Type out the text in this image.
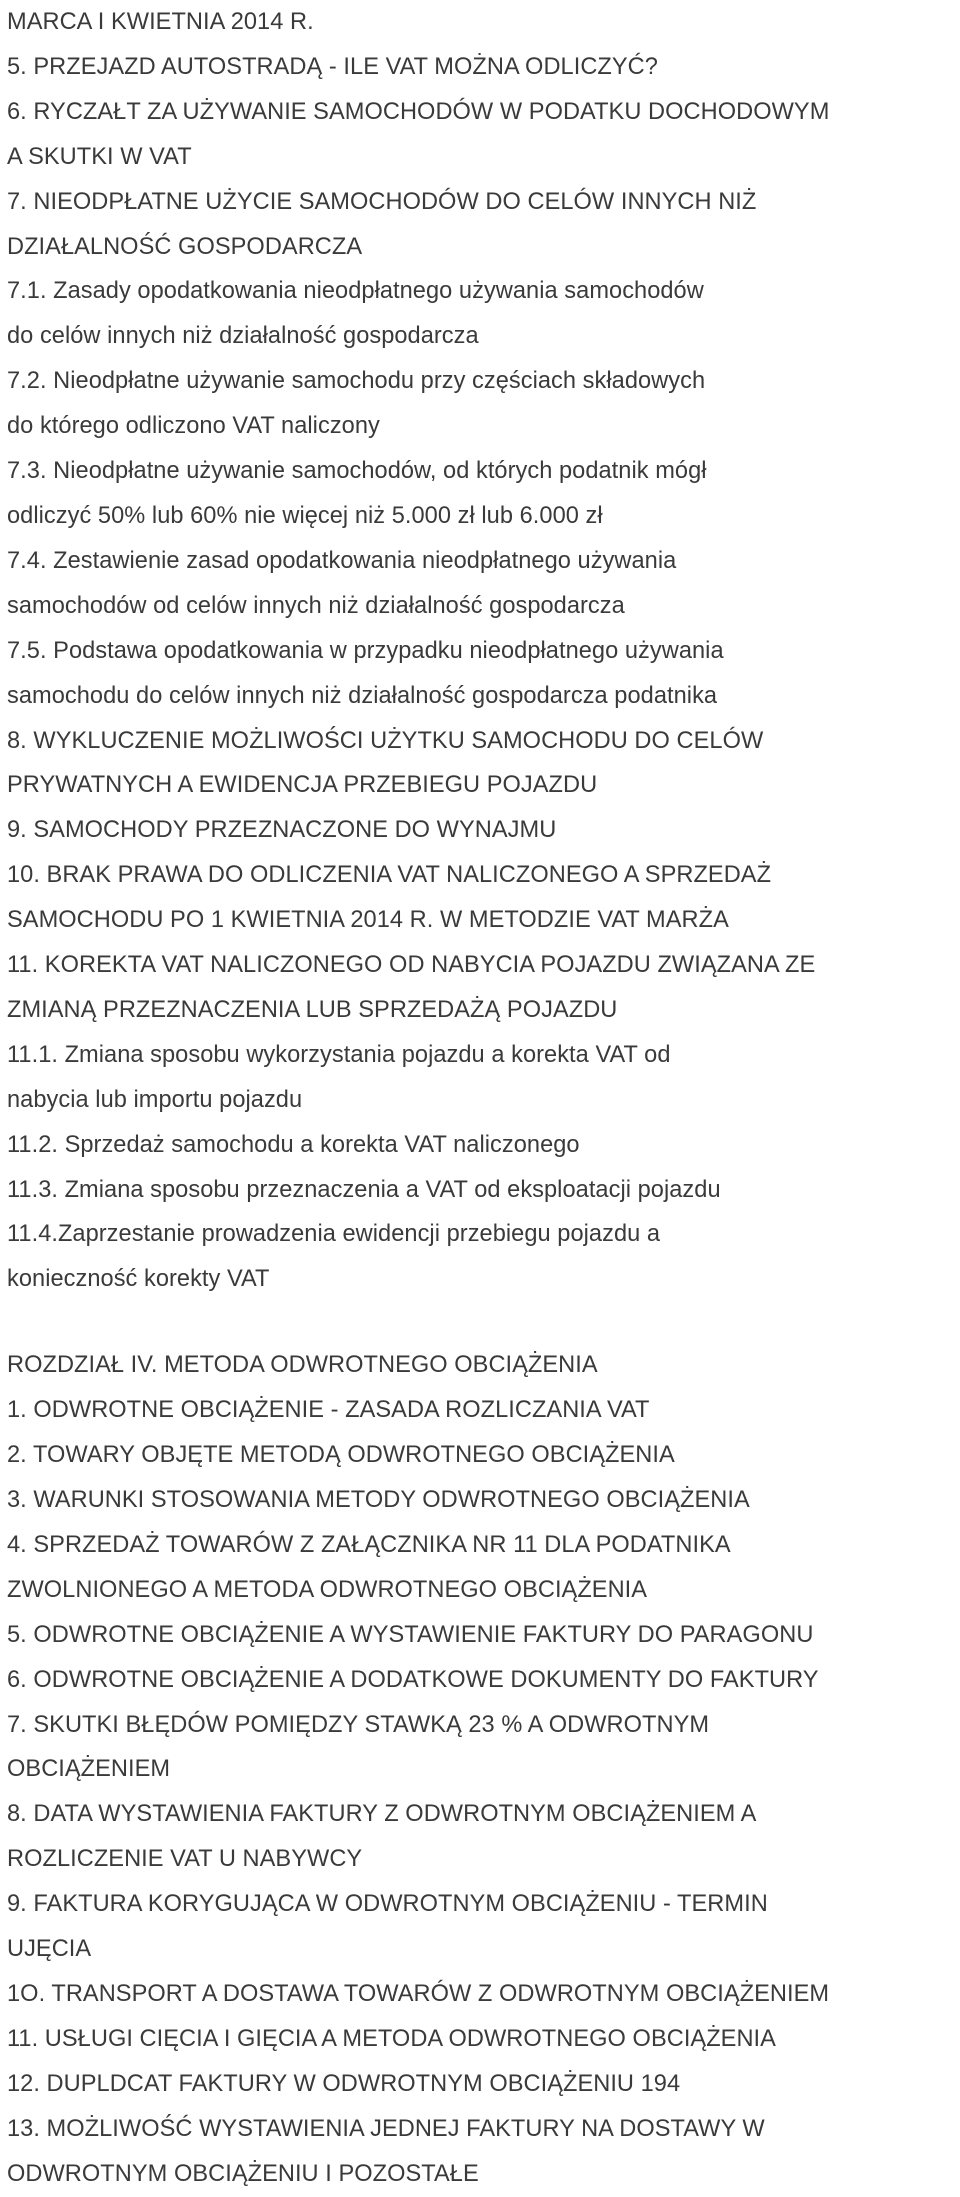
MARCA I KWIETNIA 2014 R.
5. PRZEJAZD AUTOSTRADĄ - ILE VAT MOŻNA ODLICZYĆ?
6. RYCZAŁT ZA UŻYWANIE SAMOCHODÓW W PODATKU DOCHODOWYM
A SKUTKI W VAT
7. NIEODPŁATNE UŻYCIE SAMOCHODÓW DO CELÓW INNYCH NIŻ
DZIAŁALNOŚĆ GOSPODARCZA
7.1. Zasady opodatkowania nieodpłatnego używania samochodów
do celów innych niż działalność gospodarcza
7.2. Nieodpłatne używanie samochodu przy częściach składowych
do którego odliczono VAT naliczony
7.3. Nieodpłatne używanie samochodów, od których podatnik mógł
odliczyć 50% lub 60% nie więcej niż 5.000 zł lub 6.000 zł
7.4. Zestawienie zasad opodatkowania nieodpłatnego używania
samochodów od celów innych niż działalność gospodarcza
7.5. Podstawa opodatkowania w przypadku nieodpłatnego używania
samochodu do celów innych niż działalność gospodarcza podatnika
8. WYKLUCZENIE MOŻLIWOŚCI UŻYTKU SAMOCHODU DO CELÓW
PRYWATNYCH A EWIDENCJA PRZEBIEGU POJAZDU
9. SAMOCHODY PRZEZNACZONE DO WYNAJMU
10. BRAK PRAWA DO ODLICZENIA VAT NALICZONEGO A SPRZEDAŻ
SAMOCHODU PO 1 KWIETNIA 2014 R. W METODZIE VAT MARŻA
11. KOREKTA VAT NALICZONEGO OD NABYCIA POJAZDU ZWIĄZANA ZE
ZMIANĄ PRZEZNACZENIA LUB SPRZEDAŻĄ POJAZDU
11.1. Zmiana sposobu wykorzystania pojazdu a korekta VAT od
nabycia lub importu pojazdu
11.2. Sprzedaż samochodu a korekta VAT naliczonego
11.3. Zmiana sposobu przeznaczenia a VAT od eksploatacji pojazdu
11.4.Zaprzestanie prowadzenia ewidencji przebiegu pojazdu a
konieczność korekty VAT
ROZDZIAŁ IV. METODA ODWROTNEGO OBCIĄŻENIA
1. ODWROTNE OBCIĄŻENIE - ZASADA ROZLICZANIA VAT
2. TOWARY OBJĘTE METODĄ ODWROTNEGO OBCIĄŻENIA
3. WARUNKI STOSOWANIA METODY ODWROTNEGO OBCIĄŻENIA
4. SPRZEDAŻ TOWARÓW Z ZAŁĄCZNIKA NR 11 DLA PODATNIKA
ZWOLNIONEGO A METODA ODWROTNEGO OBCIĄŻENIA
5. ODWROTNE OBCIĄŻENIE A WYSTAWIENIE FAKTURY DO PARAGONU
6. ODWROTNE OBCIĄŻENIE A DODATKOWE DOKUMENTY DO FAKTURY
7. SKUTKI BŁĘDÓW POMIĘDZY STAWKĄ 23 % A ODWROTNYM
OBCIĄŻENIEM
8. DATA WYSTAWIENIA FAKTURY Z ODWROTNYM OBCIĄŻENIEM A
ROZLICZENIE VAT U NABYWCY
9. FAKTURA KORYGUJĄCA W ODWROTNYM OBCIĄŻENIU - TERMIN
UJĘCIA
1O. TRANSPORT A DOSTAWA TOWARÓW Z ODWROTNYM OBCIĄŻENIEM
11. USŁUGI CIĘCIA I GIĘCIA A METODA ODWROTNEGO OBCIĄŻENIA
12. DUPLDCAT FAKTURY W ODWROTNYM OBCIĄŻENIU 194
13. MOŻLIWOŚĆ WYSTAWIENIA JEDNEJ FAKTURY NA DOSTAWY W
ODWROTNYM OBCIĄŻENIU I POZOSTAŁE
